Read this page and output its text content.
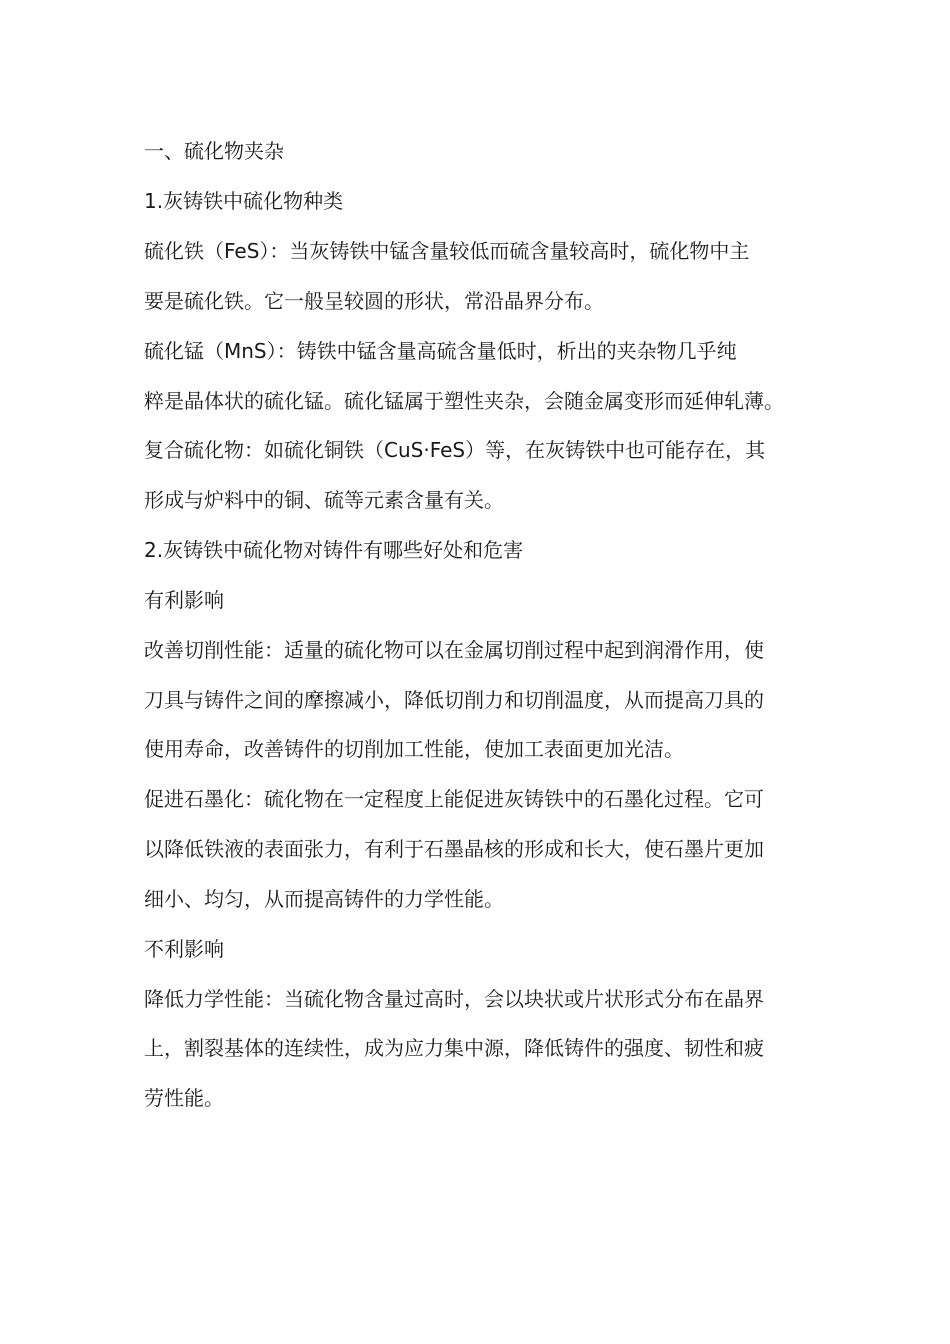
一、硫化物夹杂
1.灰铸铁中硫化物种类
硫化铁（FeS）：当灰铸铁中锰含量较低而硫含量较高时，硫化物中主
要是硫化铁。它一般呈较圆的形状，常沿晶界分布。
硫化锰（MnS）：铸铁中锰含量高硫含量低时，析出的夹杂物几乎纯
粹是晶体状的硫化锰。硫化锰属于塑性夹杂，会随金属变形而延伸轧薄。
复合硫化物：如硫化铜铁（CuS·FeS）等，在灰铸铁中也可能存在，其
形成与炉料中的铜、硫等元素含量有关。
2.灰铸铁中硫化物对铸件有哪些好处和危害
有利影响
改善切削性能：适量的硫化物可以在金属切削过程中起到润滑作用，使
刀具与铸件之间的摩擦减小，降低切削力和切削温度，从而提高刀具的
使用寿命，改善铸件的切削加工性能，使加工表面更加光洁。
促进石墨化：硫化物在一定程度上能促进灰铸铁中的石墨化过程。它可
以降低铁液的表面张力，有利于石墨晶核的形成和长大，使石墨片更加
细小、均匀，从而提高铸件的力学性能。
不利影响
降低力学性能：当硫化物含量过高时，会以块状或片状形式分布在晶界
上，割裂基体的连续性，成为应力集中源，降低铸件的强度、韧性和疲
劳性能。
